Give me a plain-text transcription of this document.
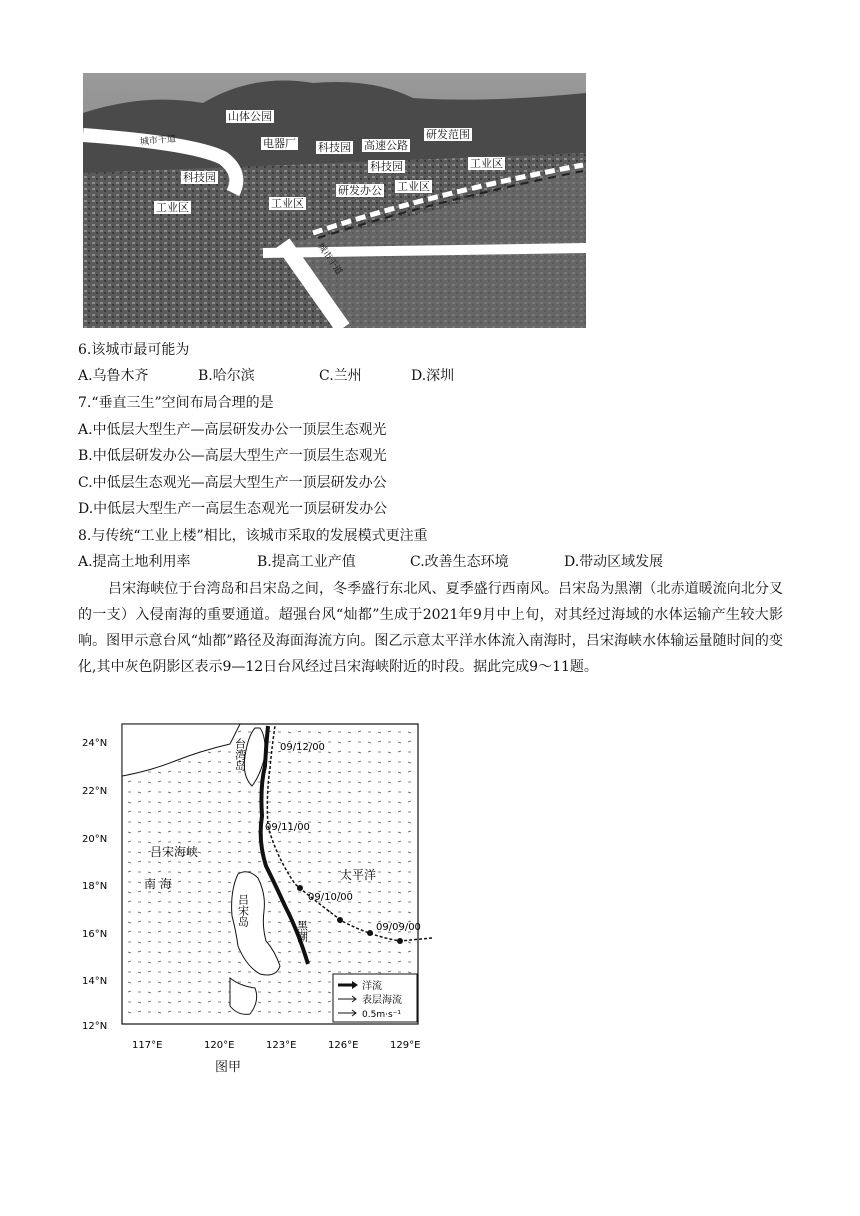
山体公园
电器厂 科技园 高速公路
研发范围
科技园	工业区
科技园
工业区
工业区
研发办公
工业区
城市干道
城市干道
6.该城市最可能为
A.乌鲁木齐	B.哈尔滨	C.兰州	D.深圳
7.“垂直三生”空间布局合理的是
A.中低层大型生产—高层研发办公一顶层生态观光
B.中低层研发办公—高层大型生产一顶层生态观光
C.中低层生态观光—高层大型生产一顶层研发办公
D.中低层大型生产一高层生态观光一顶层研发办公
8.与传统“工业上楼”相比，该城市采取的发展模式更注重
A.提高土地利用率	B.提高工业产值	C.改善生态环境	D.带动区域发展
吕宋海峡位于台湾岛和吕宋岛之间，冬季盛行东北风、夏季盛行西南风。吕宋岛为黑潮（北赤道暖流向北分叉的一支）入侵南海的重要通道。超强台风“灿都”生成于2021年9月中上旬，对其经过海域的水体运输产生较大影响。图甲示意台风“灿都”路径及海面海流方向。图乙示意太平洋水体流入南海时，吕宋海峡水体输运量随时间的变化,其中灰色阴影区表示9—12日台风经过吕宋海峡附近的时段。据此完成9～11题。
洋流
表层海流
0.5m·s⁻¹
24°N
22°N
20°N
18°N
16°N
14°N
12°N
117°E	120°E	123°E	126°E	129°E
台湾岛
吕宋海峡
南 海
吕宋岛
太平洋
黑潮
09/12/00
09/11/00
09/10/00
09/09/00
图甲
